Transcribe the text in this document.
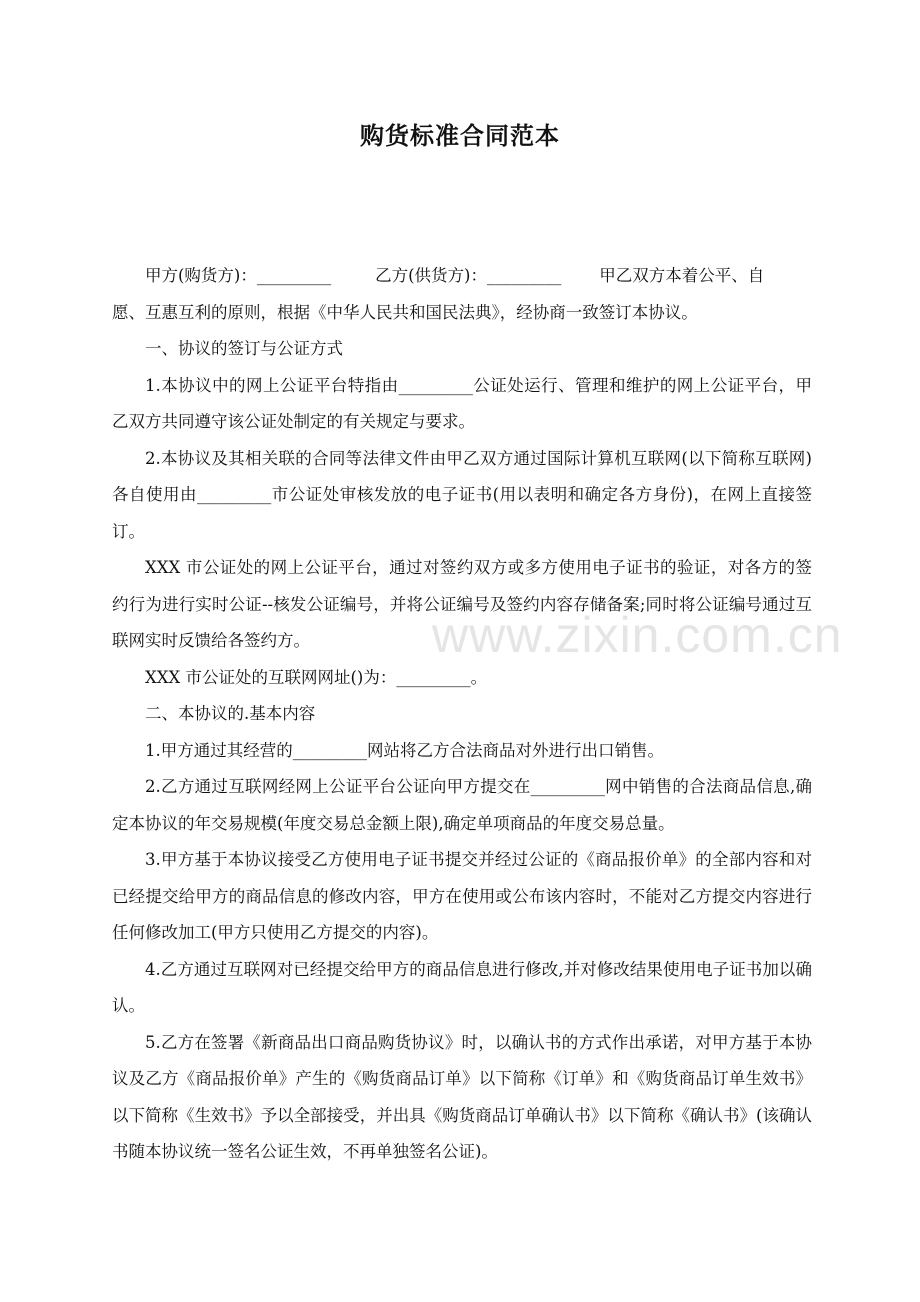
购货标准合同范本

甲方(购货方)：_________	乙方(供货方)：_________ 甲乙双方本着公平、自

愿、互惠互利的原则，根据《中华人民共和国民法典》，经协商一致签订本协议。

一、协议的签订与公证方式

1.本协议中的网上公证平台特指由_________公证处运行、管理和维护的网上公证平台，甲乙双方共同遵守该公证处制定的有关规定与要求。

2.本协议及其相关联的合同等法律文件由甲乙双方通过国际计算机互联网(以下简称互联网)各自使用由_________市公证处审核发放的电子证书(用以表明和确定各方身份)，在网上直接签订。

XXX 市公证处的网上公证平台，通过对签约双方或多方使用电子证书的验证，对各方的签约行为进行实时公证--核发公证编号，并将公证编号及签约内容存储备案;同时将公证编号通过互联网实时反馈给各签约方。

XXX 市公证处的互联网网址()为：_________。

二、本协议的.基本内容

1.甲方通过其经营的_________网站将乙方合法商品对外进行出口销售。

2.乙方通过互联网经网上公证平台公证向甲方提交在_________网中销售的合法商品信息,确定本协议的年交易规模(年度交易总金额上限),确定单项商品的年度交易总量。

3.甲方基于本协议接受乙方使用电子证书提交并经过公证的《商品报价单》的全部内容和对已经提交给甲方的商品信息的修改内容，甲方在使用或公布该内容时，不能对乙方提交内容进行任何修改加工(甲方只使用乙方提交的内容)。

4.乙方通过互联网对已经提交给甲方的商品信息进行修改,并对修改结果使用电子证书加以确认。

5.乙方在签署《新商品出口商品购货协议》时，以确认书的方式作出承诺，对甲方基于本协议及乙方《商品报价单》产生的《购货商品订单》以下简称《订单》和《购货商品订单生效书》以下简称《生效书》予以全部接受，并出具《购货商品订单确认书》以下简称《确认书》(该确认书随本协议统一签名公证生效，不再单独签名公证)。

www.zixin.com.cn
